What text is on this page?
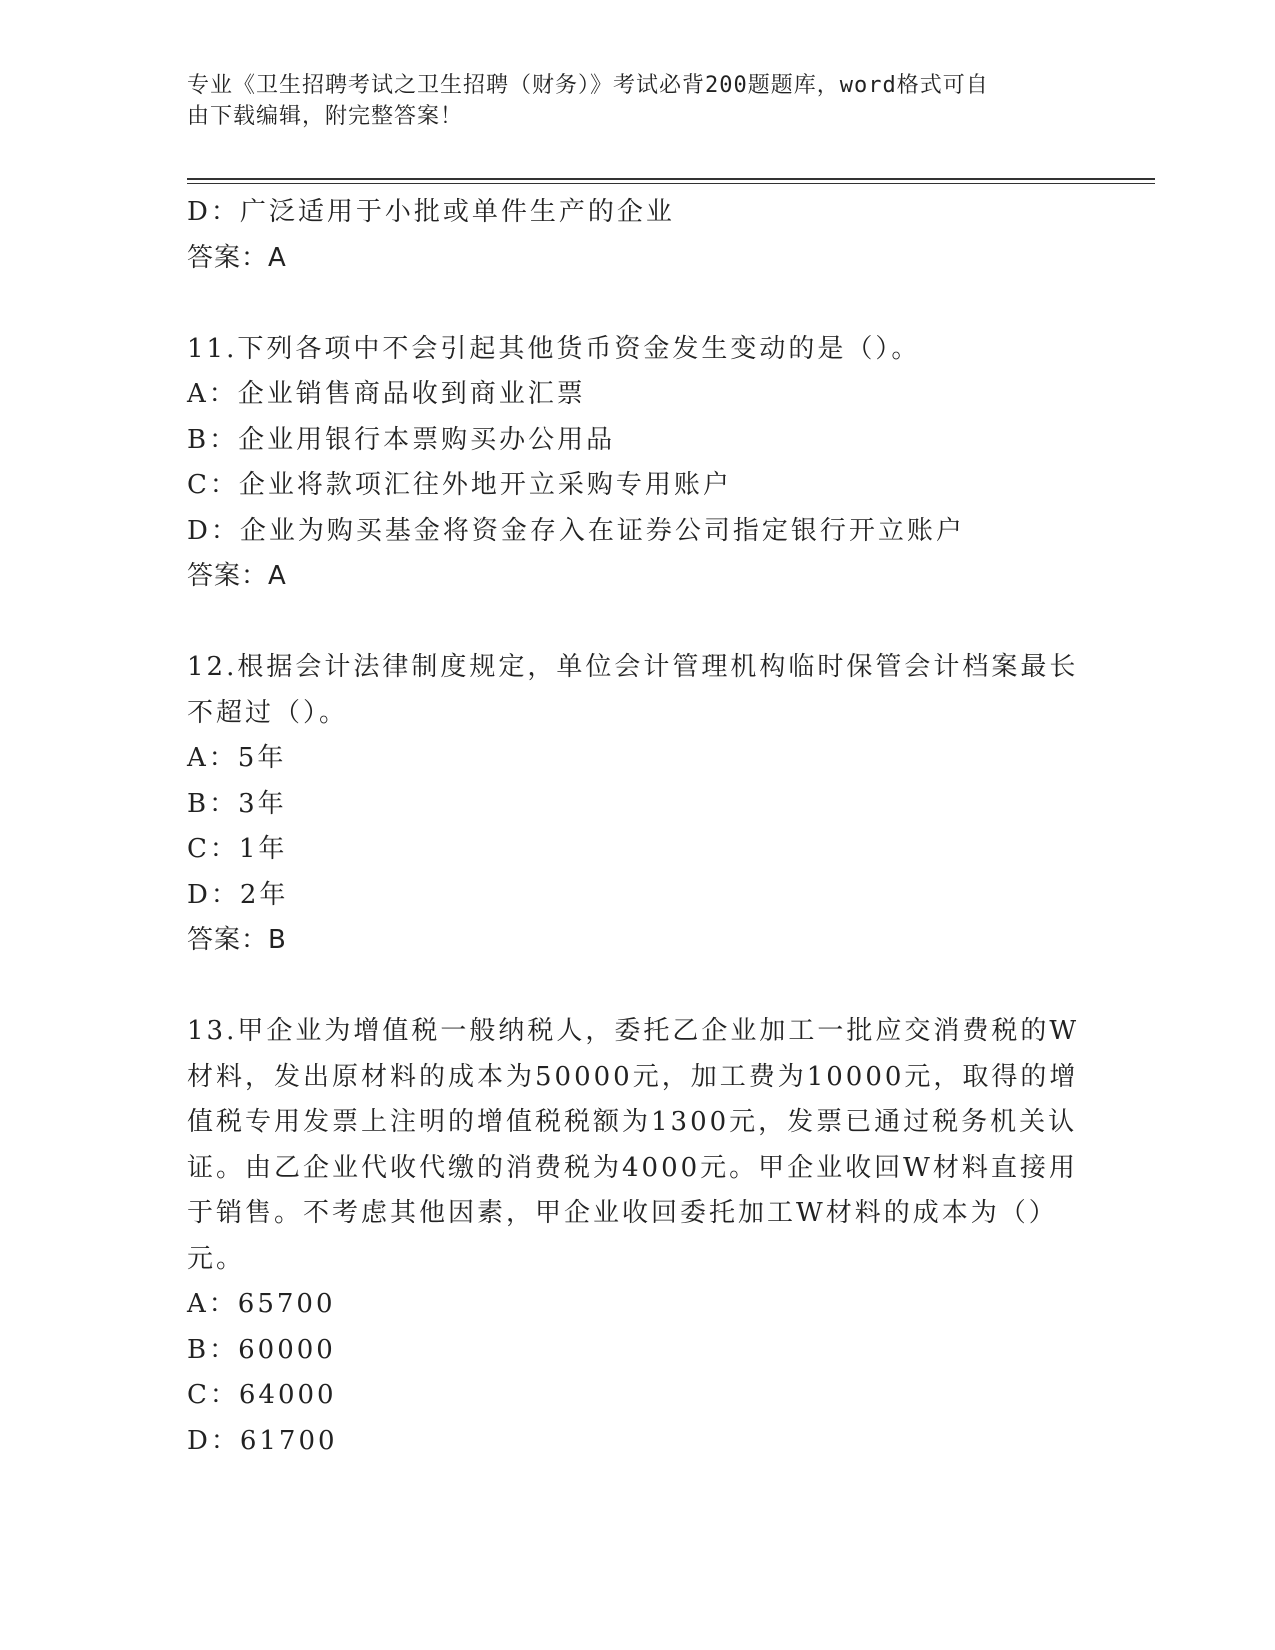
专业《卫生招聘考试之卫生招聘（财务）》考试必背200题题库，word格式可自
由下载编辑，附完整答案！
D：广泛适用于小批或单件生产的企业
答案：A
11.下列各项中不会引起其他货币资金发生变动的是（）。
A：企业销售商品收到商业汇票
B：企业用银行本票购买办公用品
C：企业将款项汇往外地开立采购专用账户
D：企业为购买基金将资金存入在证券公司指定银行开立账户
答案：A
12.根据会计法律制度规定，单位会计管理机构临时保管会计档案最长
不超过（）。
A：5年
B：3年
C：1年
D：2年
答案：B
13.甲企业为增值税一般纳税人，委托乙企业加工一批应交消费税的W
材料，发出原材料的成本为50000元，加工费为10000元，取得的增
值税专用发票上注明的增值税税额为1300元，发票已通过税务机关认
证。由乙企业代收代缴的消费税为4000元。甲企业收回W材料直接用
于销售。不考虑其他因素，甲企业收回委托加工W材料的成本为（）
元。
A：65700
B：60000
C：64000
D：61700
